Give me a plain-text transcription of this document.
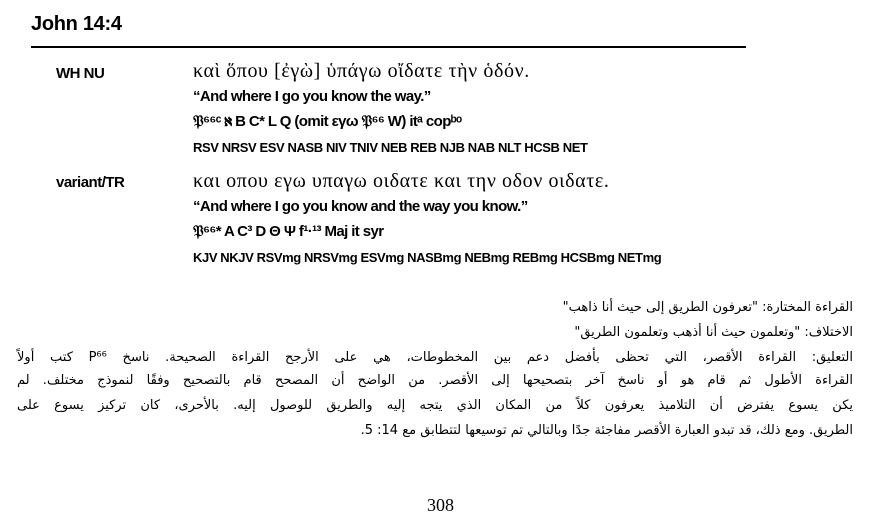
John 14:4
WH NU	καὶ ὅπου [ἐγὼ] ὑπάγω οἴδατε τὴν ὁδόν.
“And where I go you know the way.”
𝔓⁶⁶ᶜ ℵ B C* L Q (omit εγω 𝔓⁶⁶ W) itᵃ copᵇᵒ
RSV NRSV ESV NASB NIV TNIV NEB REB NJB NAB NLT HCSB NET
variant/TR	και οπου εγω υπαγω οιδατε και την οδον οιδατε.
“And where I go you know and the way you know.”
𝔓⁶⁶* A C³ D Θ Ψ f¹·¹³ Maj it syr
KJV NKJV RSVmg NRSVmg ESVmg NASBmg NEBmg REBmg HCSBmg NETmg
القراءة المختارة: "تعرفون الطريق إلى حيث أنا ذاهب"
الاختلاف: "وتعلمون حيث أنا أذهب وتعلمون الطريق"
التعليق: القراءة الأقصر، التي تحظى بأفضل دعم بين المخطوطات، هي على الأرجح القراءة الصحيحة. ناسخ P⁶⁶ كتب أولاً
القراءة الأطول ثم قام هو أو ناسخ آخر بتصحيحها إلى الأقصر. من الواضح أن المصحح قام بالتصحيح وفقًا لنموذج مختلف. لم
يكن يسوع يفترض أن التلاميذ يعرفون كلاً من المكان الذي يتجه إليه والطريق للوصول إليه. بالأحرى، كان تركيز يسوع على
الطريق. ومع ذلك، قد تبدو العبارة الأقصر مفاجئة جدًا وبالتالي تم توسيعها لتتطابق مع 14: 5.
308
